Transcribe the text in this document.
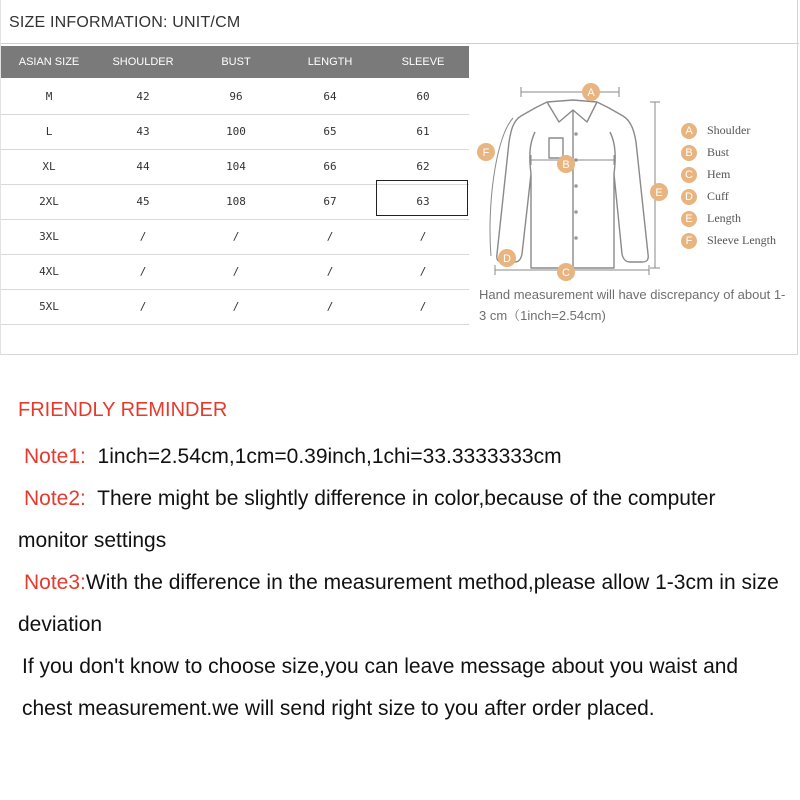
SIZE INFORMATION: UNIT/CM
ASIAN SIZE	SHOULDER	BUST	LENGTH	SLEEVE
M	42	96	64	60
L	43	100	65	61
XL	44	104	66	62
2XL	45	108	67	63
3XL	/	/	/	/
4XL	/	/	/	/
5XL	/	/	/	/
A
B
C
D
E
F
A	Shoulder
B	Bust
C	Hem
D	Cuff
E	Length
F	Sleeve Length
Hand measurement will have discrepancy of about 1-3 cm（1inch=2.54cm)
FRIENDLY REMINDER
Note1:  1inch=2.54cm,1cm=0.39inch,1chi=33.3333333cm
Note2:  There might be slightly difference in color,because of the computer monitor settings
Note3:With the difference in the measurement method,please allow 1-3cm in size deviation
If you don't know to choose size,you can leave message about you waist and chest measurement.we will send right size to you after order placed.
